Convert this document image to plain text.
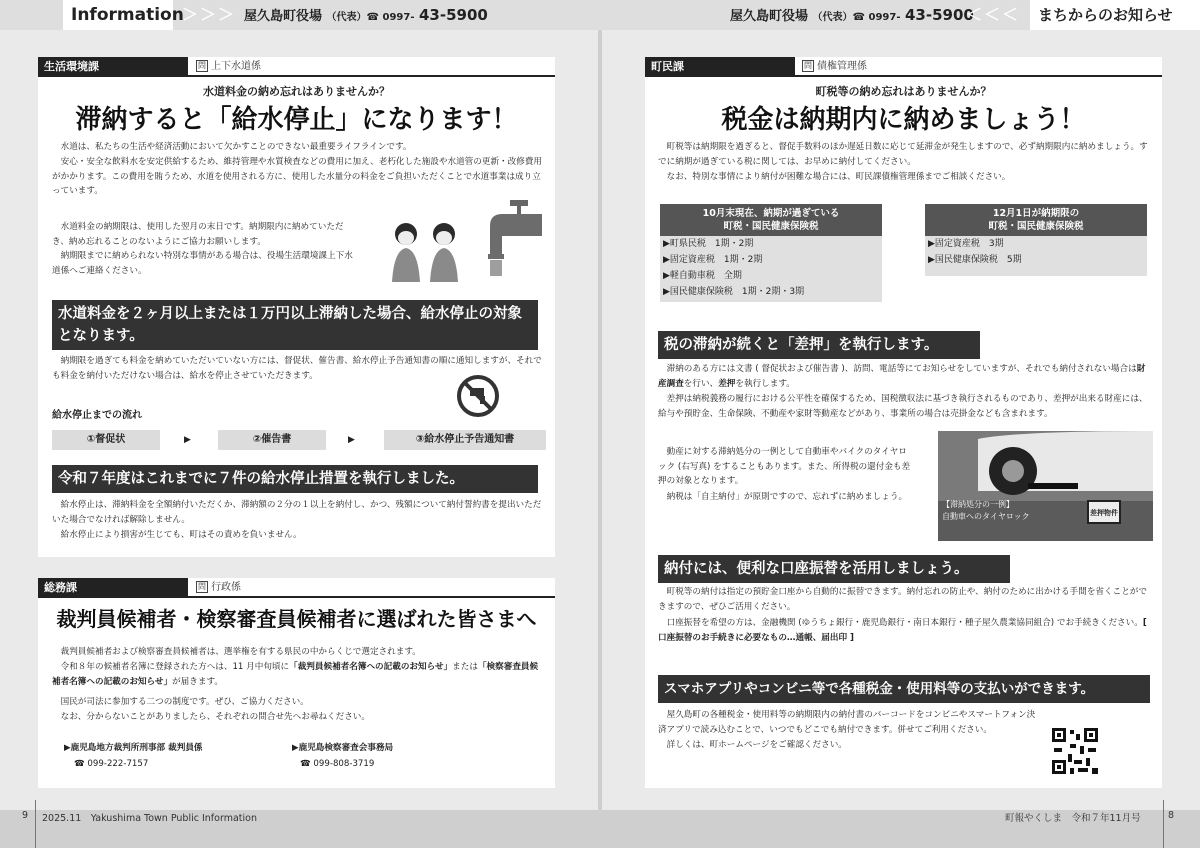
Information
＞＞＞ 屋久島町役場 （代表）☎ 0997- 43-5900	屋久島町役場 （代表）☎ 0997- 43-5900
＜＜＜	まちからのお知らせ
生活環境課	問 上下水道係
水道料金の納め忘れはありませんか？
滞納すると「給水停止」になります！
水道は、私たちの生活や経済活動において欠かすことのできない最重要ライフラインです。
安心・安全な飲料水を安定供給するため、維持管理や水質検査などの費用に加え、老朽化した施設や水道管の更新・改修費用がかかります。この費用を賄うため、水道を使用される方に、使用した水量分の料金をご負担いただくことで水道事業は成り立っています。
水道料金の納期限は、使用した翌月の末日です。納期限内に納めていただき、納め忘れることのないようにご協力お願いします。
納期限までに納められない特別な事情がある場合は、役場生活環境課上下水道係へご連絡ください。
水道料金を２ヶ月以上または１万円以上滞納した場合、給水停止の対象となります。
納期限を過ぎても料金を納めていただいていない方には、督促状、催告書、給水停止予告通知書の順に通知しますが、それでも料金を納付いただけない場合は、給水を停止させていただきます。
給水停止までの流れ
①督促状	▶	②催告書	▶	③給水停止予告通知書
令和７年度はこれまでに７件の給水停止措置を執行しました。
給水停止は、滞納料金を全額納付いただくか、滞納額の２分の１以上を納付し、かつ、残額について納付誓約書を提出いただいた場合でなければ解除しません。
給水停止により損害が生じても、町はその責めを負いません。
総務課	問 行政係
裁判員候補者・検察審査員候補者に選ばれた皆さまへ
裁判員候補者および検察審査員候補者は、選挙権を有する県民の中からくじで選定されます。
令和８年の候補者名簿に登録された方へは、11 月中旬頃に「裁判員候補者名簿への記載のお知らせ」または「検察審査員候補者名簿への記載のお知らせ」が届きます。
国民が司法に参加する二つの制度です。ぜひ、ご協力ください。
なお、分からないことがありましたら、それぞれの問合せ先へお尋ねください。
▶鹿児島地方裁判所刑事部 裁判員係
☎ 099-222-7157
▶鹿児島検察審査会事務局
☎ 099-808-3719
町民課	問 債権管理係
町税等の納め忘れはありませんか？
税金は納期内に納めましょう！
町税等は納期限を過ぎると、督促手数料のほか遅延日数に応じて延滞金が発生しますので、必ず納期限内に納めましょう。すでに納期が過ぎている税に関しては、お早めに納付してください。
なお、特別な事情により納付が困難な場合には、町民課債権管理係までご相談ください。
10月末現在、納期が過ぎている
町税・国民健康保険税
▶町県民税　1期・2期
▶固定資産税　1期・2期
▶軽自動車税　全期
▶国民健康保険税　1期・2期・3期
12月1日が納期限の
町税・国民健康保険税
▶固定資産税　3期
▶国民健康保険税　5期
税の滞納が続くと「差押」を執行します。
滞納のある方には文書 ( 督促状および催告書 )、訪問、電話等にてお知らせをしていますが、それでも納付されない場合は財産調査を行い、差押を執行します。
差押は納税義務の履行における公平性を確保するため、国税徴収法に基づき執行されるものであり、差押が出来る財産には、給与や預貯金、生命保険、不動産や家財等動産などがあり、事業所の場合は売掛金なども含まれます。
動産に対する滞納処分の一例として自動車やバイクのタイヤロック (右写真) をすることもあります。また、所得税の還付金も差押の対象となります。
納税は「自主納付」が原則ですので、忘れずに納めましょう。
差押物件
【滞納処分の一例】
自動車へのタイヤロック
納付には、便利な口座振替を活用しましょう。
町税等の納付は指定の預貯金口座から自動的に振替できます。納付忘れの防止や、納付のために出かける手間を省くことができますので、ぜひご活用ください。
口座振替を希望の方は、金融機関 (ゆうちょ銀行・鹿児島銀行・南日本銀行・種子屋久農業協同組合) でお手続きください。[ 口座振替のお手続きに必要なもの…通帳、届出印 ]
スマホアプリやコンビニ等で各種税金・使用料等の支払いができます。
屋久島町の各種税金・使用料等の納期限内の納付書のバーコードをコンビニやスマートフォン決済アプリで読み込むことで、いつでもどこでも納付できます。併せてご利用ください。
詳しくは、町ホームページをご確認ください。
9 2025.11　Yakushima Town Public Information	町報やくしま　令和７年11月号	8
